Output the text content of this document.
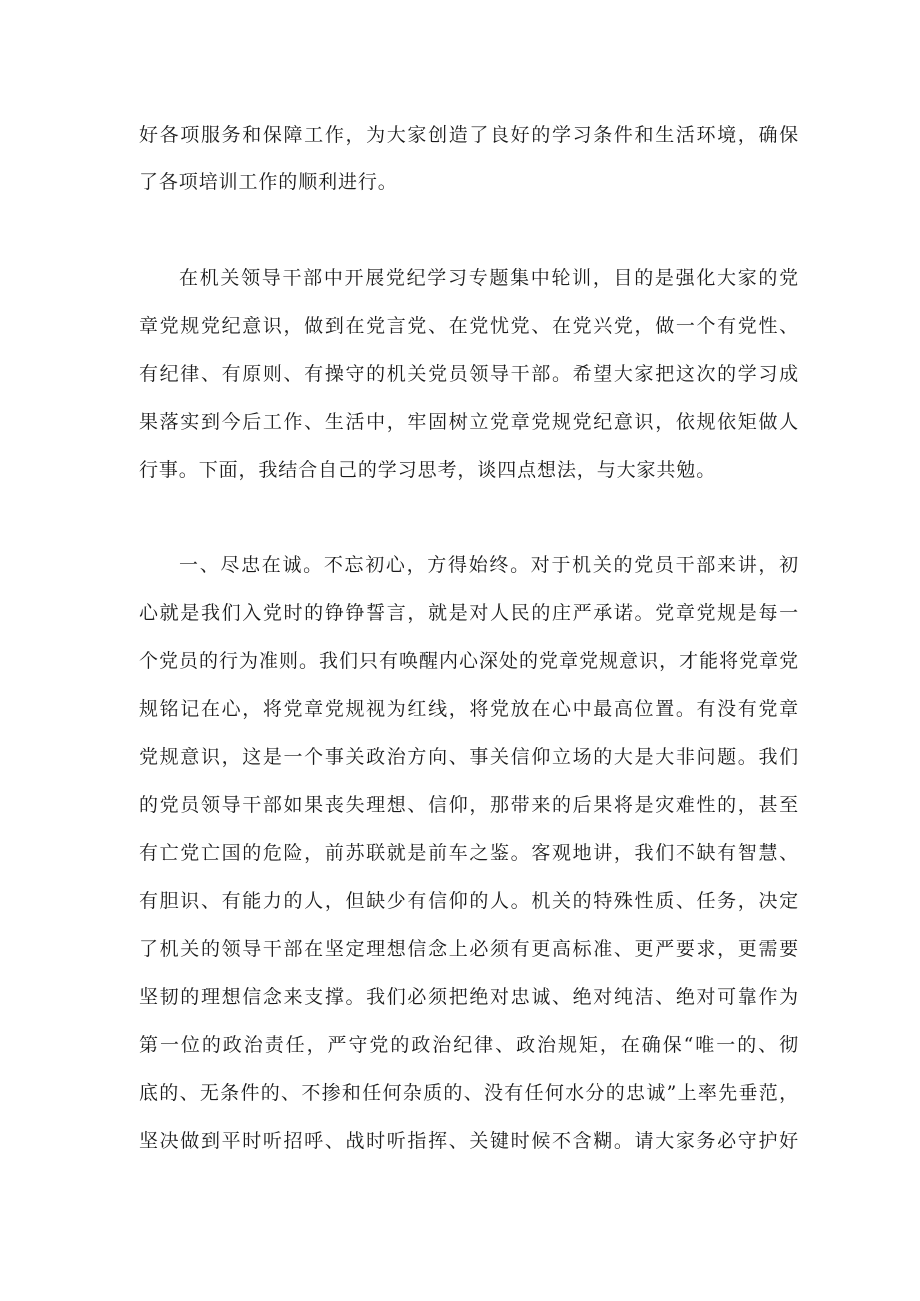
好各项服务和保障工作，为大家创造了良好的学习条件和生活环境，确保
了各项培训工作的顺利进行。
在机关领导干部中开展党纪学习专题集中轮训，目的是强化大家的党
章党规党纪意识，做到在党言党、在党忧党、在党兴党，做一个有党性、
有纪律、有原则、有操守的机关党员领导干部。希望大家把这次的学习成
果落实到今后工作、生活中，牢固树立党章党规党纪意识，依规依矩做人
行事。下面，我结合自己的学习思考，谈四点想法，与大家共勉。
一、尽忠在诚。不忘初心，方得始终。对于机关的党员干部来讲，初
心就是我们入党时的铮铮誓言，就是对人民的庄严承诺。党章党规是每一
个党员的行为准则。我们只有唤醒内心深处的党章党规意识，才能将党章党
规铭记在心，将党章党规视为红线，将党放在心中最高位置。有没有党章
党规意识，这是一个事关政治方向、事关信仰立场的大是大非问题。我们
的党员领导干部如果丧失理想、信仰，那带来的后果将是灾难性的，甚至
有亡党亡国的危险，前苏联就是前车之鉴。客观地讲，我们不缺有智慧、
有胆识、有能力的人，但缺少有信仰的人。机关的特殊性质、任务，决定
了机关的领导干部在坚定理想信念上必须有更高标准、更严要求，更需要
坚韧的理想信念来支撑。我们必须把绝对忠诚、绝对纯洁、绝对可靠作为
第一位的政治责任，严守党的政治纪律、政治规矩，在确保“唯一的、彻
底的、无条件的、不掺和任何杂质的、没有任何水分的忠诚”上率先垂范，
坚决做到平时听招呼、战时听指挥、关键时候不含糊。请大家务必守护好
